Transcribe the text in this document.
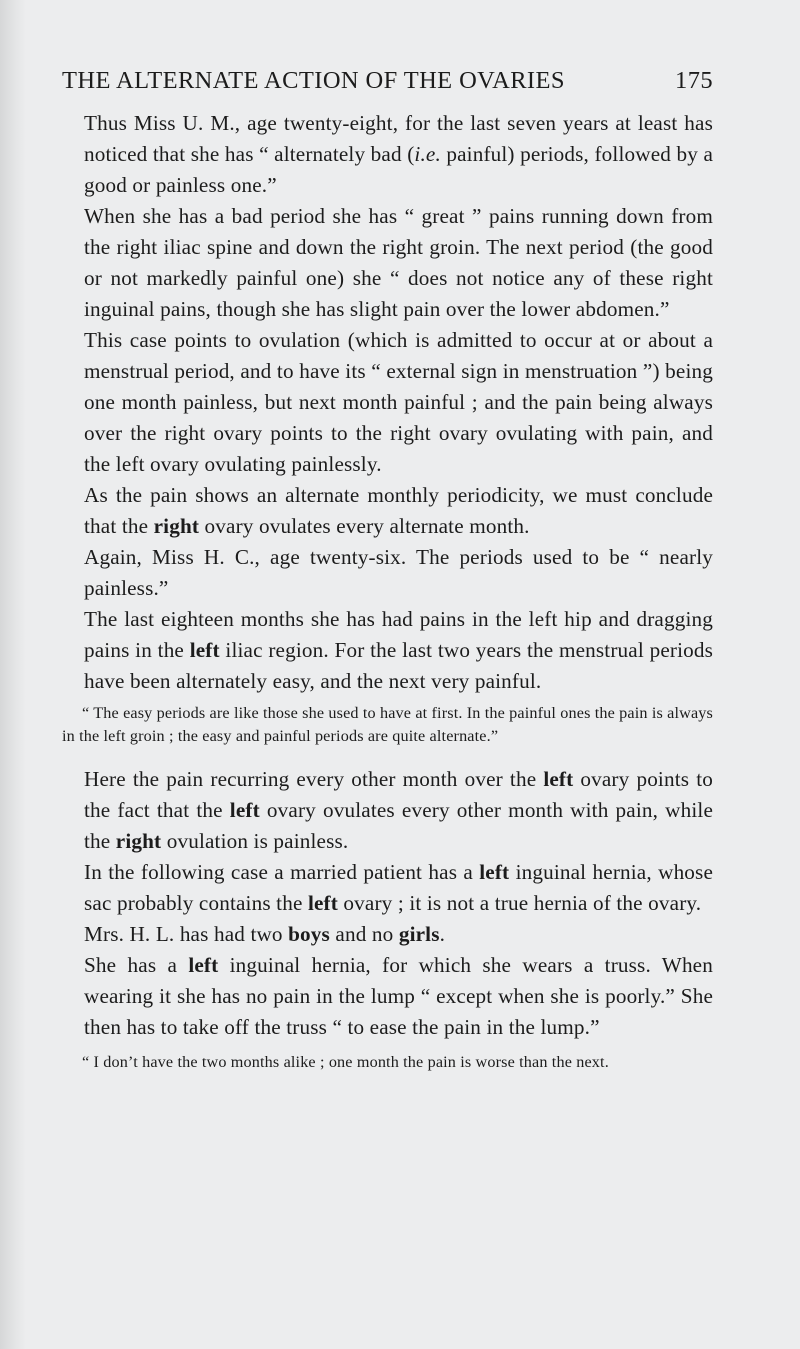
THE ALTERNATE ACTION OF THE OVARIES	175

Thus Miss U. M., age twenty-eight, for the last seven years at least has noticed that she has “ alternately bad (i.e. painful) periods, followed by a good or painless one.”

When she has a bad period she has “ great ” pains running down from the right iliac spine and down the right groin. The next period (the good or not markedly painful one) she “ does not notice any of these right inguinal pains, though she has slight pain over the lower abdomen.”

This case points to ovulation (which is admitted to occur at or about a menstrual period, and to have its “ external sign in menstruation ”) being one month painless, but next month painful ; and the pain being always over the right ovary points to the right ovary ovulating with pain, and the left ovary ovulating painlessly.

As the pain shows an alternate monthly periodicity, we must conclude that the right ovary ovulates every alternate month.

Again, Miss H. C., age twenty-six. The periods used to be “ nearly painless.”

The last eighteen months she has had pains in the left hip and dragging pains in the left iliac region. For the last two years the menstrual periods have been alternately easy, and the next very painful.

“ The easy periods are like those she used to have at first. In the painful ones the pain is always in the left groin ; the easy and painful periods are quite alternate.”

Here the pain recurring every other month over the left ovary points to the fact that the left ovary ovulates every other month with pain, while the right ovulation is painless.

In the following case a married patient has a left inguinal hernia, whose sac probably contains the left ovary ; it is not a true hernia of the ovary.

Mrs. H. L. has had two boys and no girls.

She has a left inguinal hernia, for which she wears a truss. When wearing it she has no pain in the lump “ except when she is poorly.” She then has to take off the truss “ to ease the pain in the lump.”

“ I don’t have the two months alike ; one month the pain is worse than the next.
